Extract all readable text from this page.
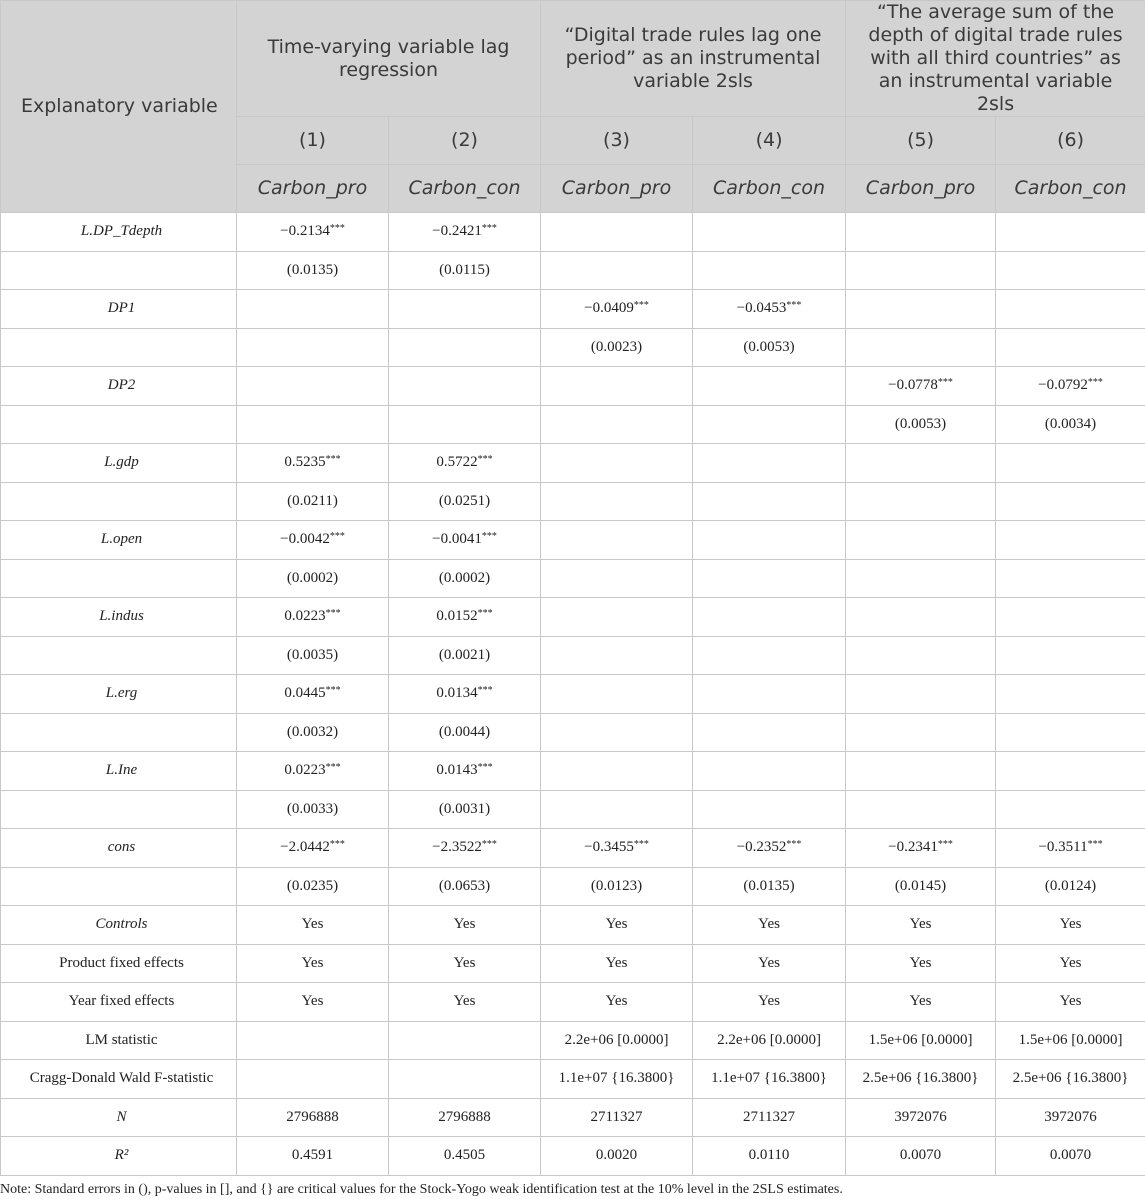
Explanatory variable	Time-varying variable lag regression		“Digital trade rules lag one period” as an instrumental variable 2sls		“The average sum of the depth of digital trade rules with all third countries” as an instrumental variable 2sls	
	(1)	(2)	(3)	(4)	(5)	(6)
	Carbon_pro	Carbon_con	Carbon_pro	Carbon_con	Carbon_pro	Carbon_con
L.DP_Tdepth	−0.2134***	−0.2421***				
	(0.0135)	(0.0115)				
DP1			−0.0409***	−0.0453***		
			(0.0023)	(0.0053)		
DP2					−0.0778***	−0.0792***
					(0.0053)	(0.0034)
L.gdp	0.5235***	0.5722***				
	(0.0211)	(0.0251)				
L.open	−0.0042***	−0.0041***				
	(0.0002)	(0.0002)				
L.indus	0.0223***	0.0152***				
	(0.0035)	(0.0021)				
L.erg	0.0445***	0.0134***				
	(0.0032)	(0.0044)				
L.Ine	0.0223***	0.0143***				
	(0.0033)	(0.0031)				
cons	−2.0442***	−2.3522***	−0.3455***	−0.2352***	−0.2341***	−0.3511***
	(0.0235)	(0.0653)	(0.0123)	(0.0135)	(0.0145)	(0.0124)
Controls	Yes	Yes	Yes	Yes	Yes	Yes
Product fixed effects	Yes	Yes	Yes	Yes	Yes	Yes
Year fixed effects	Yes	Yes	Yes	Yes	Yes	Yes
LM statistic			2.2e+06 [0.0000]	2.2e+06 [0.0000]	1.5e+06 [0.0000]	1.5e+06 [0.0000]
Cragg-Donald Wald F-statistic			1.1e+07 {16.3800}	1.1e+07 {16.3800}	2.5e+06 {16.3800}	2.5e+06 {16.3800}
N	2796888	2796888	2711327	2711327	3972076	3972076
R²	0.4591	0.4505	0.0020	0.0110	0.0070	0.0070
Note: Standard errors in (), p-values in [], and {} are critical values for the Stock-Yogo weak identification test at the 10% level in the 2SLS estimates.
